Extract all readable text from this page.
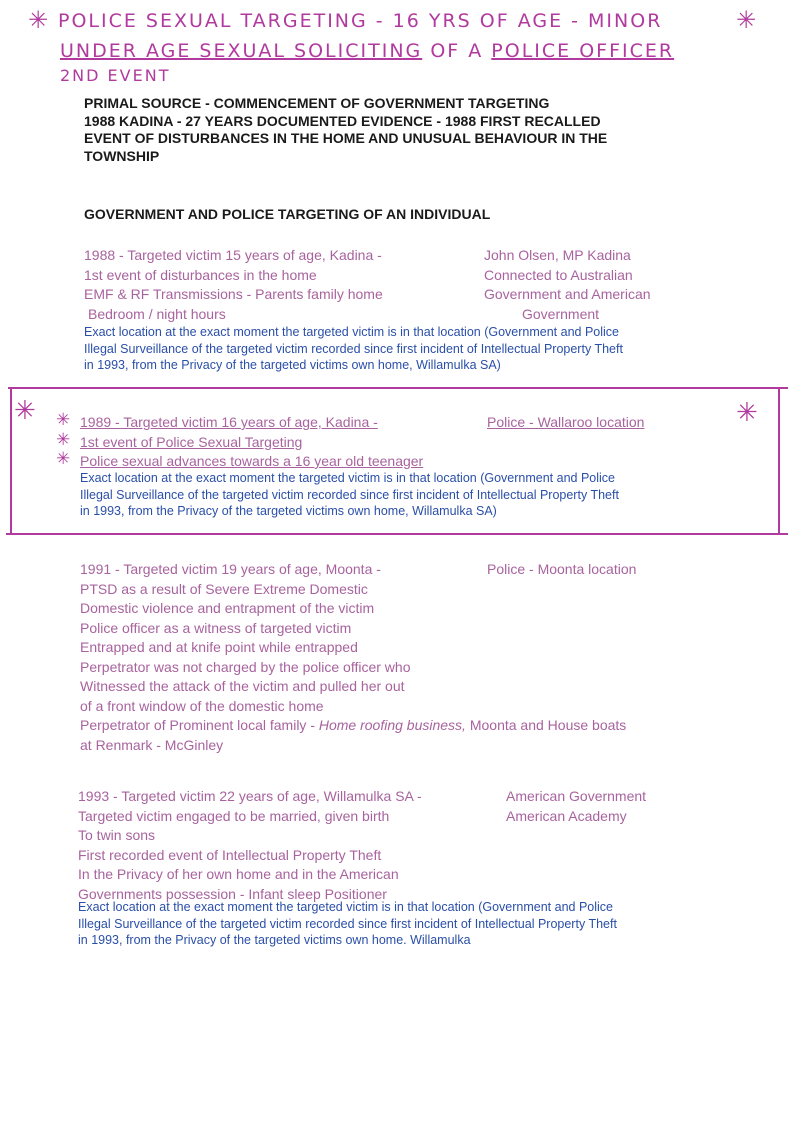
✳ POLICE SEXUAL TARGETING - 16 YRS OF AGE - MINOR	✳
UNDER AGE SEXUAL SOLICITING OF A POLICE OFFICER
2ND EVENT
PRIMAL SOURCE - COMMENCEMENT OF GOVERNMENT TARGETING
1988 KADINA - 27 YEARS DOCUMENTED EVIDENCE - 1988 FIRST RECALLED
EVENT OF DISTURBANCES IN THE HOME AND UNUSUAL BEHAVIOUR IN THE
TOWNSHIP
GOVERNMENT AND POLICE TARGETING OF AN INDIVIDUAL
1988 - Targeted victim 15 years of age, Kadina -
1st event of disturbances in the home
EMF & RF Transmissions - Parents family home
Bedroom / night hours
John Olsen, MP Kadina
Connected to Australian
Government and American
Government
Exact location at the exact moment the targeted victim is in that location (Government and Police
Illegal Surveillance of the targeted victim recorded since first incident of Intellectual Property Theft
in 1993, from the Privacy of the targeted victims own home, Willamulka SA)
✳	✳
✳
✳
✳
1989 - Targeted victim 16 years of age, Kadina -
1st event of Police Sexual Targeting
Police sexual advances towards a 16 year old teenager
Police - Wallaroo location
Exact location at the exact moment the targeted victim is in that location (Government and Police
Illegal Surveillance of the targeted victim recorded since first incident of Intellectual Property Theft
in 1993, from the Privacy of the targeted victims own home, Willamulka SA)
1991 - Targeted victim 19 years of age, Moonta -
PTSD as a result of Severe Extreme Domestic
Domestic violence and entrapment of the victim
Police officer as a witness of targeted victim
Entrapped and at knife point while entrapped
Perpetrator was not charged by the police officer who
Witnessed the attack of the victim and pulled her out
of a front window of the domestic home
Perpetrator of Prominent local family - Home roofing business, Moonta and House boats
at Renmark - McGinley
Police - Moonta location
1993 - Targeted victim 22 years of age, Willamulka SA -
Targeted victim engaged to be married, given birth
To twin sons
First recorded event of Intellectual Property Theft
In the Privacy of her own home and in the American
Governments possession - Infant sleep Positioner
American Government
American Academy
Exact location at the exact moment the targeted victim is in that location (Government and Police
Illegal Surveillance of the targeted victim recorded since first incident of Intellectual Property Theft
in 1993, from the Privacy of the targeted victims own home. Willamulka
